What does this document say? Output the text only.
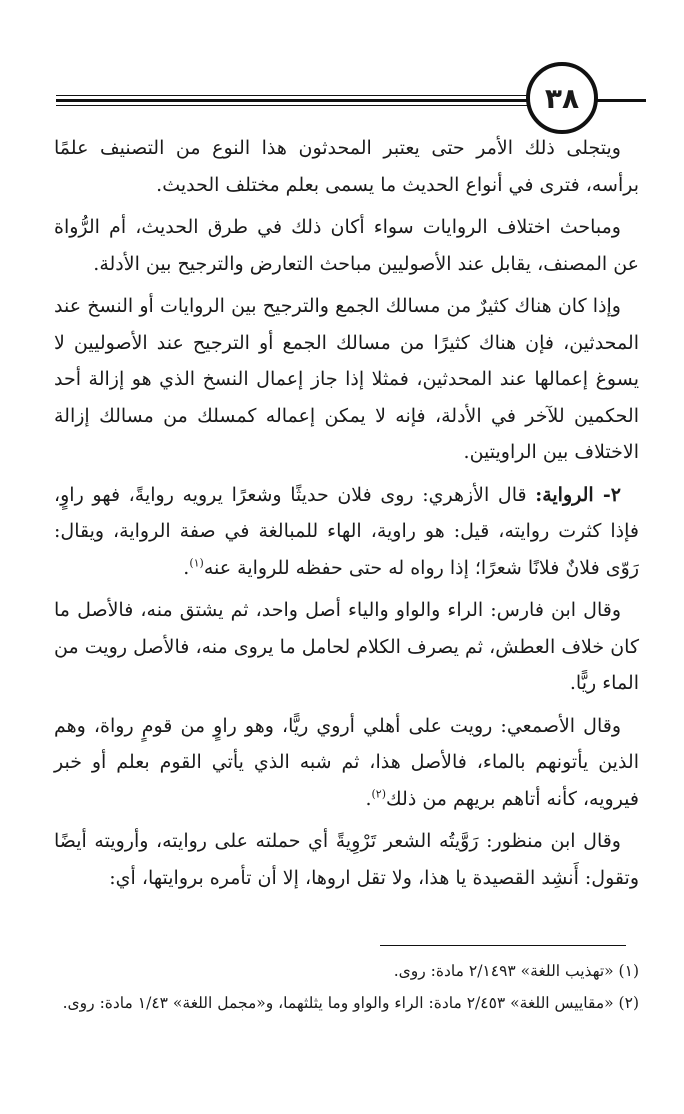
٣٨

ويتجلى ذلك الأمر حتى يعتبر المحدثون هذا النوع من التصنيف علمًا برأسه، فترى في أنواع الحديث ما يسمى بعلم مختلف الحديث.

ومباحث اختلاف الروايات سواء أكان ذلك في طرق الحديث، أم الرُّواة عن المصنف، يقابل عند الأصوليين مباحث التعارض والترجيح بين الأدلة.

وإذا كان هناك كثيرٌ من مسالك الجمع والترجيح بين الروايات أو النسخ عند المحدثين، فإن هناك كثيرًا من مسالك الجمع أو الترجيح عند الأصوليين لا يسوغ إعمالها عند المحدثين، فمثلا إذا جاز إعمال النسخ الذي هو إزالة أحد الحكمين للآخر في الأدلة، فإنه لا يمكن إعماله كمسلك من مسالك إزالة الاختلاف بين الراويتين.

٢- الرواية: قال الأزهري: روى فلان حديثًا وشعرًا يرويه روايةً، فهو راوٍ، فإذا كثرت روايته، قيل: هو راوية، الهاء للمبالغة في صفة الرواية، ويقال: رَوّى فلانٌ فلانًا شعرًا؛ إذا رواه له حتى حفظه للرواية عنه$^{(١)}$.

وقال ابن فارس: الراء والواو والياء أصل واحد، ثم يشتق منه، فالأصل ما كان خلاف العطش، ثم يصرف الكلام لحامل ما يروى منه، فالأصل رويت من الماء ريًّا.

وقال الأصمعي: رويت على أهلي أروي ريًّا، وهو راوٍ من قومٍ رواة، وهم الذين يأتونهم بالماء، فالأصل هذا، ثم شبه الذي يأتي القوم بعلم أو خبر فيرويه، كأنه أتاهم بريهم من ذلك$^{(٢)}$.

وقال ابن منظور: رَوَّيتُه الشعر تَرْوِيةً أي حملته على روايته، وأرويته أيضًا وتقول: أَنشِد القصيدة يا هذا، ولا تقل اروها، إلا أن تأمره بروايتها، أي:

(١) «تهذيب اللغة» ٢/١٤٩٣ مادة: روى.

(٢) «مقاييس اللغة» ٢/٤٥٣ مادة: الراء والواو وما يثلثهما، و«مجمل اللغة» ١/٤٣ مادة: روى.
